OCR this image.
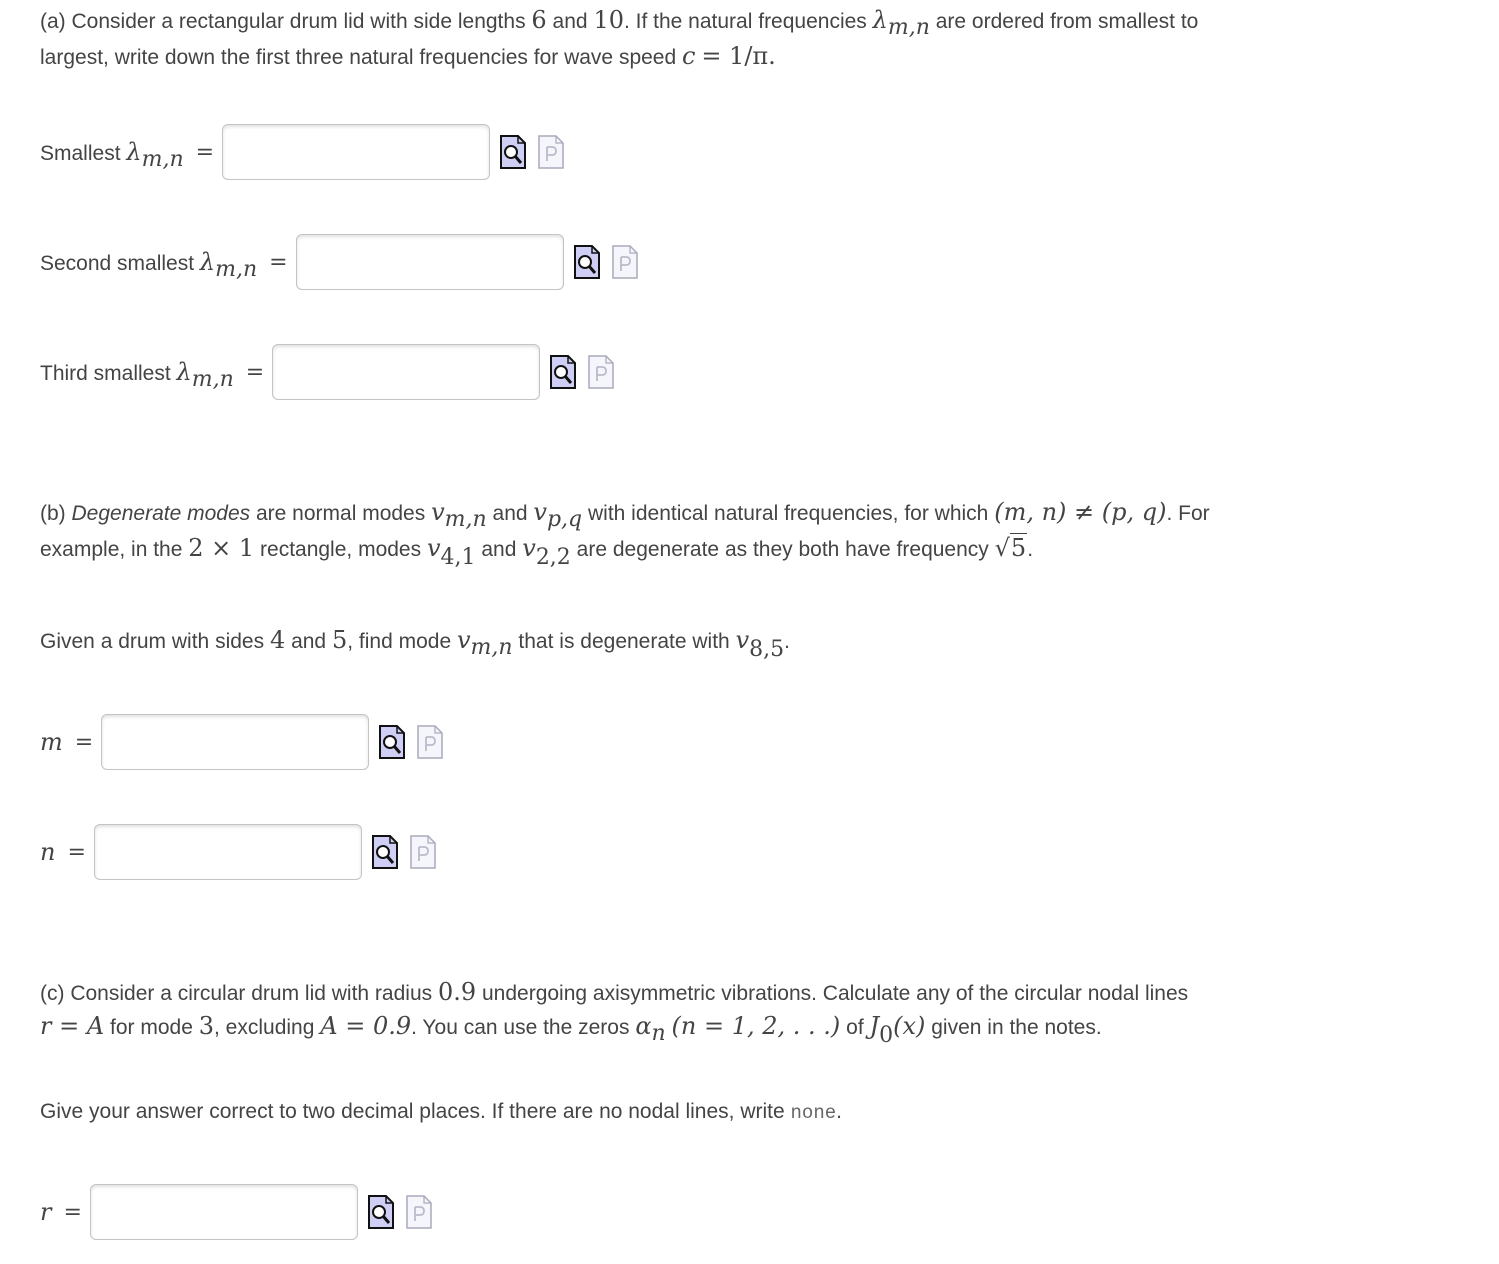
(a) Consider a rectangular drum lid with side lengths 6 and 10. If the natural frequencies $\lambda_{m,n}$ are ordered from smallest to

largest, write down the first three natural frequencies for wave speed c = 1/π.

Smallest $\lambda_{m,n}$ =
Second smallest $\lambda_{m,n}$ =
Third smallest $\lambda_{m,n}$ =

(b) Degenerate modes are normal modes $v_{m,n}$ and $v_{p,q}$ with identical natural frequencies, for which (m, n) ≠ (p, q). For

example, in the 2 × 1 rectangle, modes $v_{4,1}$ and $v_{2,2}$ are degenerate as they both have frequency √5.

Given a drum with sides 4 and 5, find mode $v_{m,n}$ that is degenerate with $v_{8,5}$.

m =
n =

(c) Consider a circular drum lid with radius 0.9 undergoing axisymmetric vibrations. Calculate any of the circular nodal lines

r = A for mode 3, excluding A = 0.9. You can use the zeros $\alpha_n$ (n = 1, 2, . . .) of $J_0(x)$ given in the notes.

Give your answer correct to two decimal places. If there are no nodal lines, write none.

r =
